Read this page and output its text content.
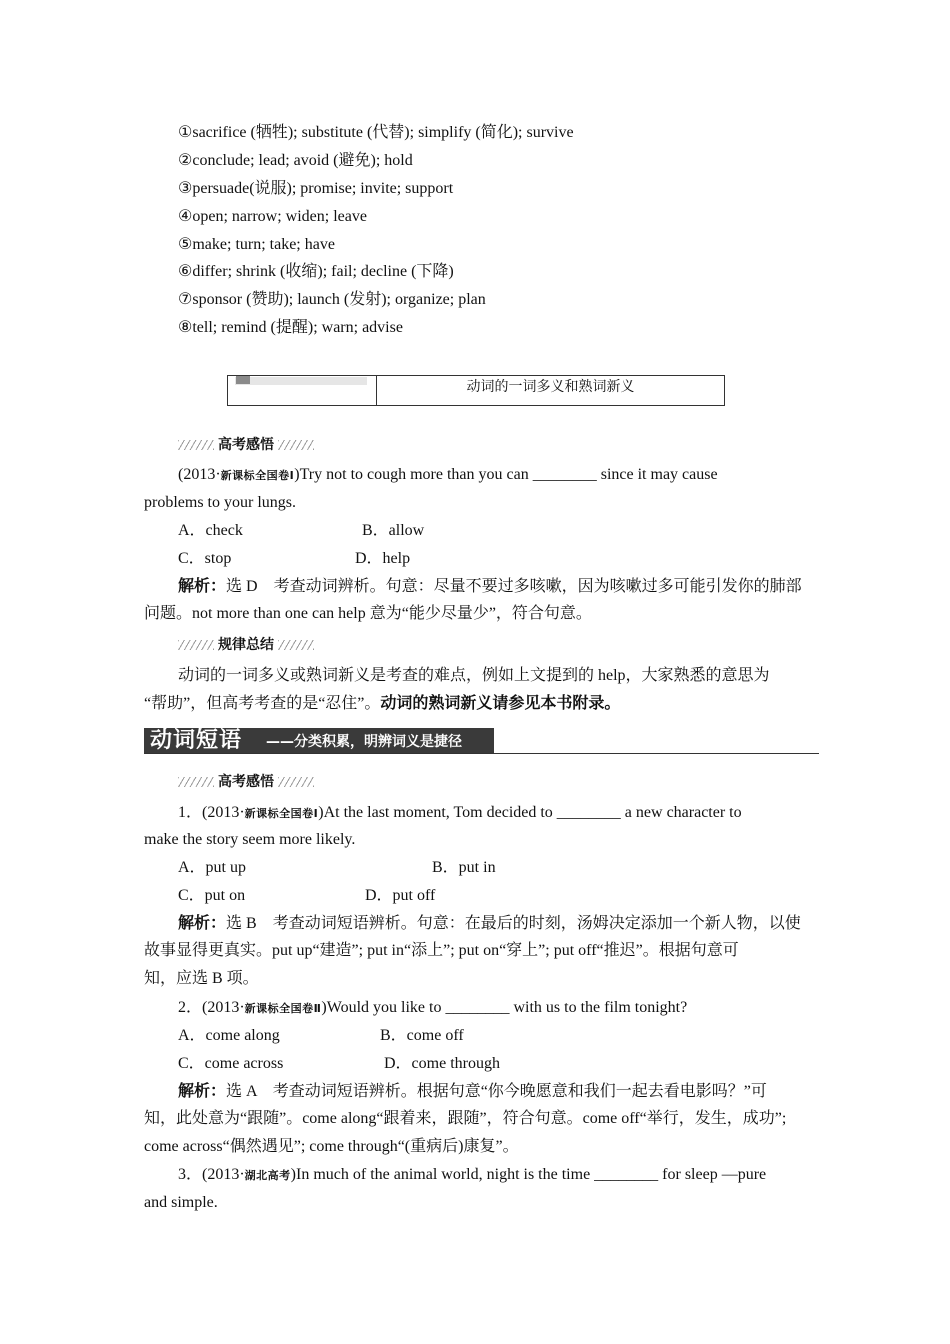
①sacrifice (牺牲); substitute (代替); simplify (简化); survive
②conclude; lead; avoid (避免); hold
③persuade(说服); promise; invite; support
④open; narrow; widen; leave
⑤make; turn; take; have
⑥differ; shrink (收缩); fail; decline (下降)
⑦sponsor (赞助); launch (发射); organize; plan
⑧tell; remind (提醒); warn; advise
动词的一词多义和熟词新义
高考感悟
(2013·新课标全国卷Ⅰ)Try not to cough more than you can ________ since it may cause
problems to your lungs.
A．check	B．allow
C．stop	D．help
解析：选 D　考查动词辨析。句意：尽量不要过多咳嗽，因为咳嗽过多可能引发你的肺部
问题。not more than one can help 意为“能少尽量少”，符合句意。
规律总结
动词的一词多义或熟词新义是考查的难点，例如上文提到的 help，大家熟悉的意思为
“帮助”，但高考考查的是“忍住”。动词的熟词新义请参见本书附录。
动词短语 ——分类积累，明辨词义是捷径
高考感悟
1．(2013·新课标全国卷Ⅰ)At the last moment, Tom decided to ________ a new character to
make the story seem more likely.
A．put up	B．put in
C．put on	D．put off
解析：选 B　考查动词短语辨析。句意：在最后的时刻，汤姆决定添加一个新人物，以使
故事显得更真实。put up“建造”; put in“添上”; put on“穿上”; put off“推迟”。根据句意可
知，应选 B 项。
2．(2013·新课标全国卷Ⅱ)Would you like to ________ with us to the film tonight?
A．come along	B．come off
C．come across	D．come through
解析：选 A　考查动词短语辨析。根据句意“你今晚愿意和我们一起去看电影吗？”可
知，此处意为“跟随”。come along“跟着来，跟随”，符合句意。come off“举行，发生，成功”;
come across“偶然遇见”; come through“(重病后)康复”。
3．(2013·湖北高考)In much of the animal world, night is the time ________ for sleep —pure
and simple.
